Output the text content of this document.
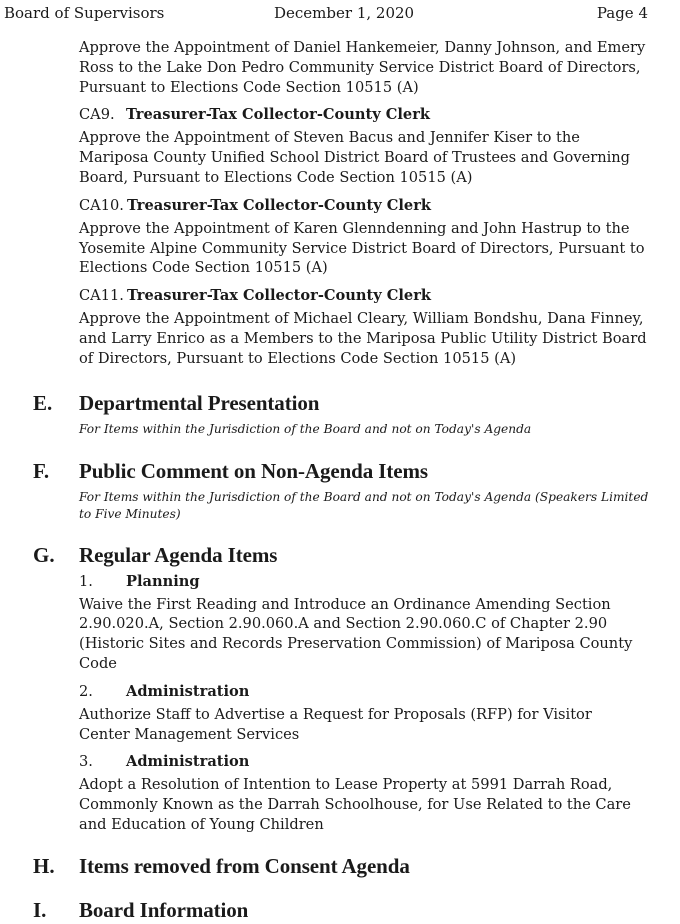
Board of Supervisors	December 1, 2020	Page 4
Approve the Appointment of Daniel Hankemeier, Danny Johnson, and Emery Ross to the Lake Don Pedro Community Service District Board of Directors, Pursuant to Elections Code Section 10515 (A)
CA9. Treasurer-Tax Collector-County Clerk
Approve the Appointment of Steven Bacus and Jennifer Kiser to the Mariposa County Unified School District Board of Trustees and Governing Board, Pursuant to Elections Code Section 10515 (A)
CA10. Treasurer-Tax Collector-County Clerk
Approve the Appointment of Karen Glenndenning and John Hastrup to the Yosemite Alpine Community Service District Board of Directors, Pursuant to Elections Code Section 10515 (A)
CA11. Treasurer-Tax Collector-County Clerk
Approve the Appointment of Michael Cleary, William Bondshu, Dana Finney, and Larry Enrico as a Members to the Mariposa Public Utility District Board of Directors, Pursuant to Elections Code Section 10515 (A)
E. Departmental Presentation
For Items within the Jurisdiction of the Board and not on Today's Agenda
F. Public Comment on Non-Agenda Items
For Items within the Jurisdiction of the Board and not on Today's Agenda (Speakers Limited to Five Minutes)
G. Regular Agenda Items
1. Planning
Waive the First Reading and Introduce an Ordinance Amending Section 2.90.020.A, Section 2.90.060.A and Section 2.90.060.C of Chapter 2.90 (Historic Sites and Records Preservation Commission) of Mariposa County Code
2. Administration
Authorize Staff to Advertise a Request for Proposals (RFP) for Visitor Center Management Services
3. Administration
Adopt a Resolution of Intention to Lease Property at 5991 Darrah Road, Commonly Known as the Darrah Schoolhouse, for Use Related to the Care and Education of Young Children
H. Items removed from Consent Agenda
I. Board Information
